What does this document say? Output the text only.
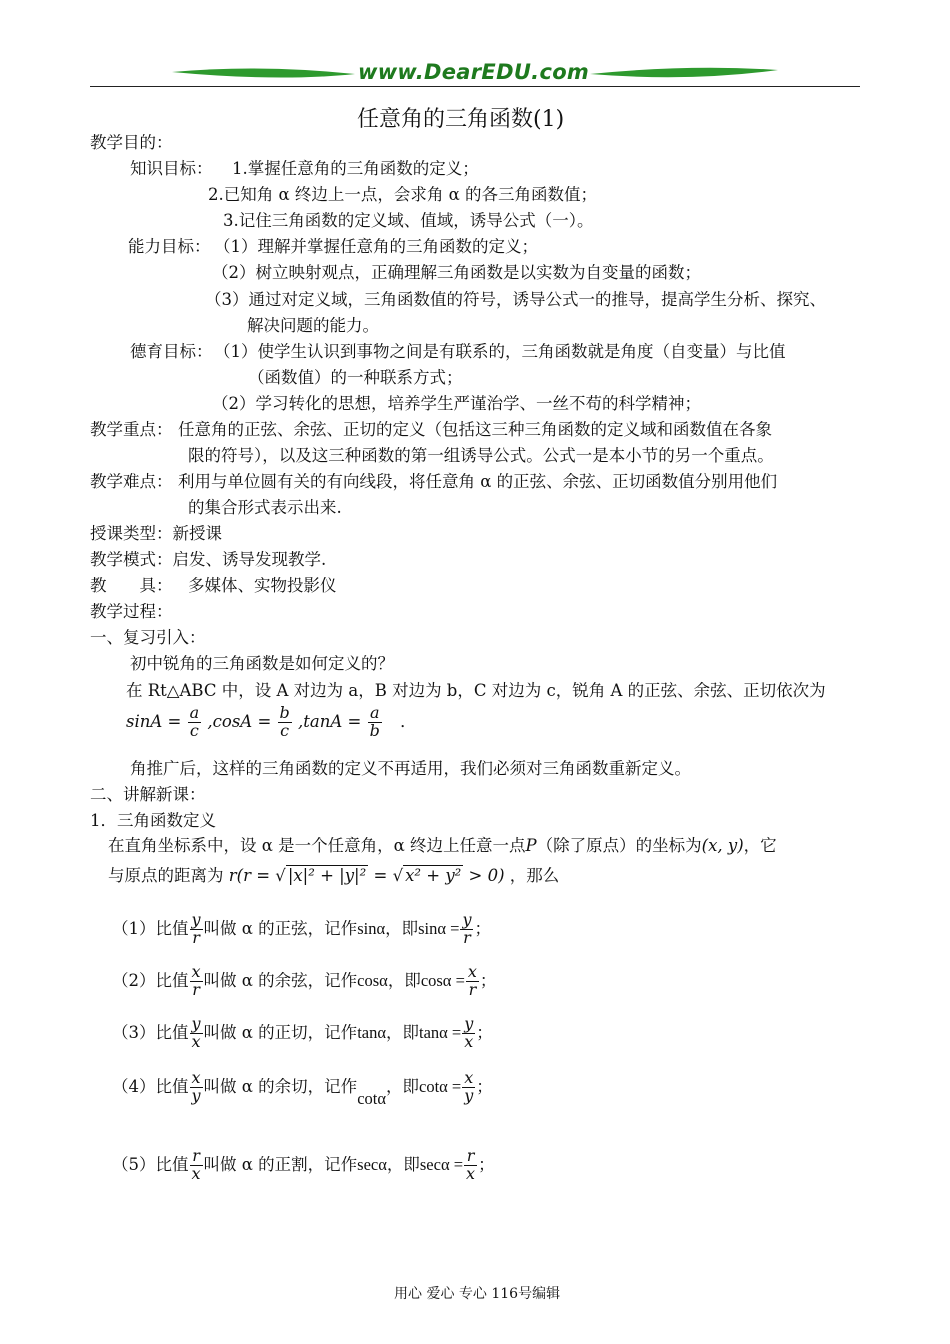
www.DearEDU.com
任意角的三角函数(1)
教学目的：
知识目标： 1.掌握任意角的三角函数的定义；
2.已知角 α 终边上一点，会求角 α 的各三角函数值；
3.记住三角函数的定义域、值域，诱导公式（一）。
能力目标： （1）理解并掌握任意角的三角函数的定义；
（2）树立映射观点，正确理解三角函数是以实数为自变量的函数；
（3）通过对定义域，三角函数值的符号，诱导公式一的推导，提高学生分析、探究、
解决问题的能力。
德育目标： （1）使学生认识到事物之间是有联系的，三角函数就是角度（自变量）与比值
（函数值）的一种联系方式；
（2）学习转化的思想，培养学生严谨治学、一丝不苟的科学精神；
教学重点： 任意角的正弦、余弦、正切的定义（包括这三种三角函数的定义域和函数值在各象
限的符号），以及这三种函数的第一组诱导公式。公式一是本小节的另一个重点。
教学难点： 利用与单位圆有关的有向线段，将任意角 α 的正弦、余弦、正切函数值分别用他们
的集合形式表示出来.
授课类型：新授课
教学模式：启发、诱导发现教学.
教　　具： 多媒体、实物投影仪
教学过程：
一、复习引入：
初中锐角的三角函数是如何定义的？
在 Rt△ABC 中，设 A 对边为 a，B 对边为 b，C 对边为 c，锐角 A 的正弦、余弦、正切依次为
$\sin A = \frac{a}{c} ,\cos A = \frac{b}{c} ,\tan A = \frac{a}{b}$ ．
角推广后，这样的三角函数的定义不再适用，我们必须对三角函数重新定义。
二、讲解新课：
1．三角函数定义
在直角坐标系中，设 α 是一个任意角，α 终边上任意一点P（除了原点）的坐标为(x, y)，它
与原点的距离为 r(r = √ |x|² + |y|² = √ x² + y² > 0) ，那么
（1）比值 $\frac{y}{r}$ 叫做 α 的正弦，记作sinα，即$\sin\alpha = \frac{y}{r}$ ；
（2）比值 $\frac{x}{r}$ 叫做 α 的余弦，记作cosα，即$\cos\alpha = \frac{x}{r}$ ；
（3）比值 $\frac{y}{x}$ 叫做 α 的正切，记作tanα，即$\tan\alpha = \frac{y}{x}$ ；
（4）比值 $\frac{x}{y}$ 叫做 α 的余切，记作cotα，即$\cot\alpha = \frac{x}{y}$ ；
（5）比值 $\frac{r}{x}$ 叫做 α 的正割，记作secα，即$\sec\alpha = \frac{r}{x}$ ；
用心 爱心 专心 116号编辑
